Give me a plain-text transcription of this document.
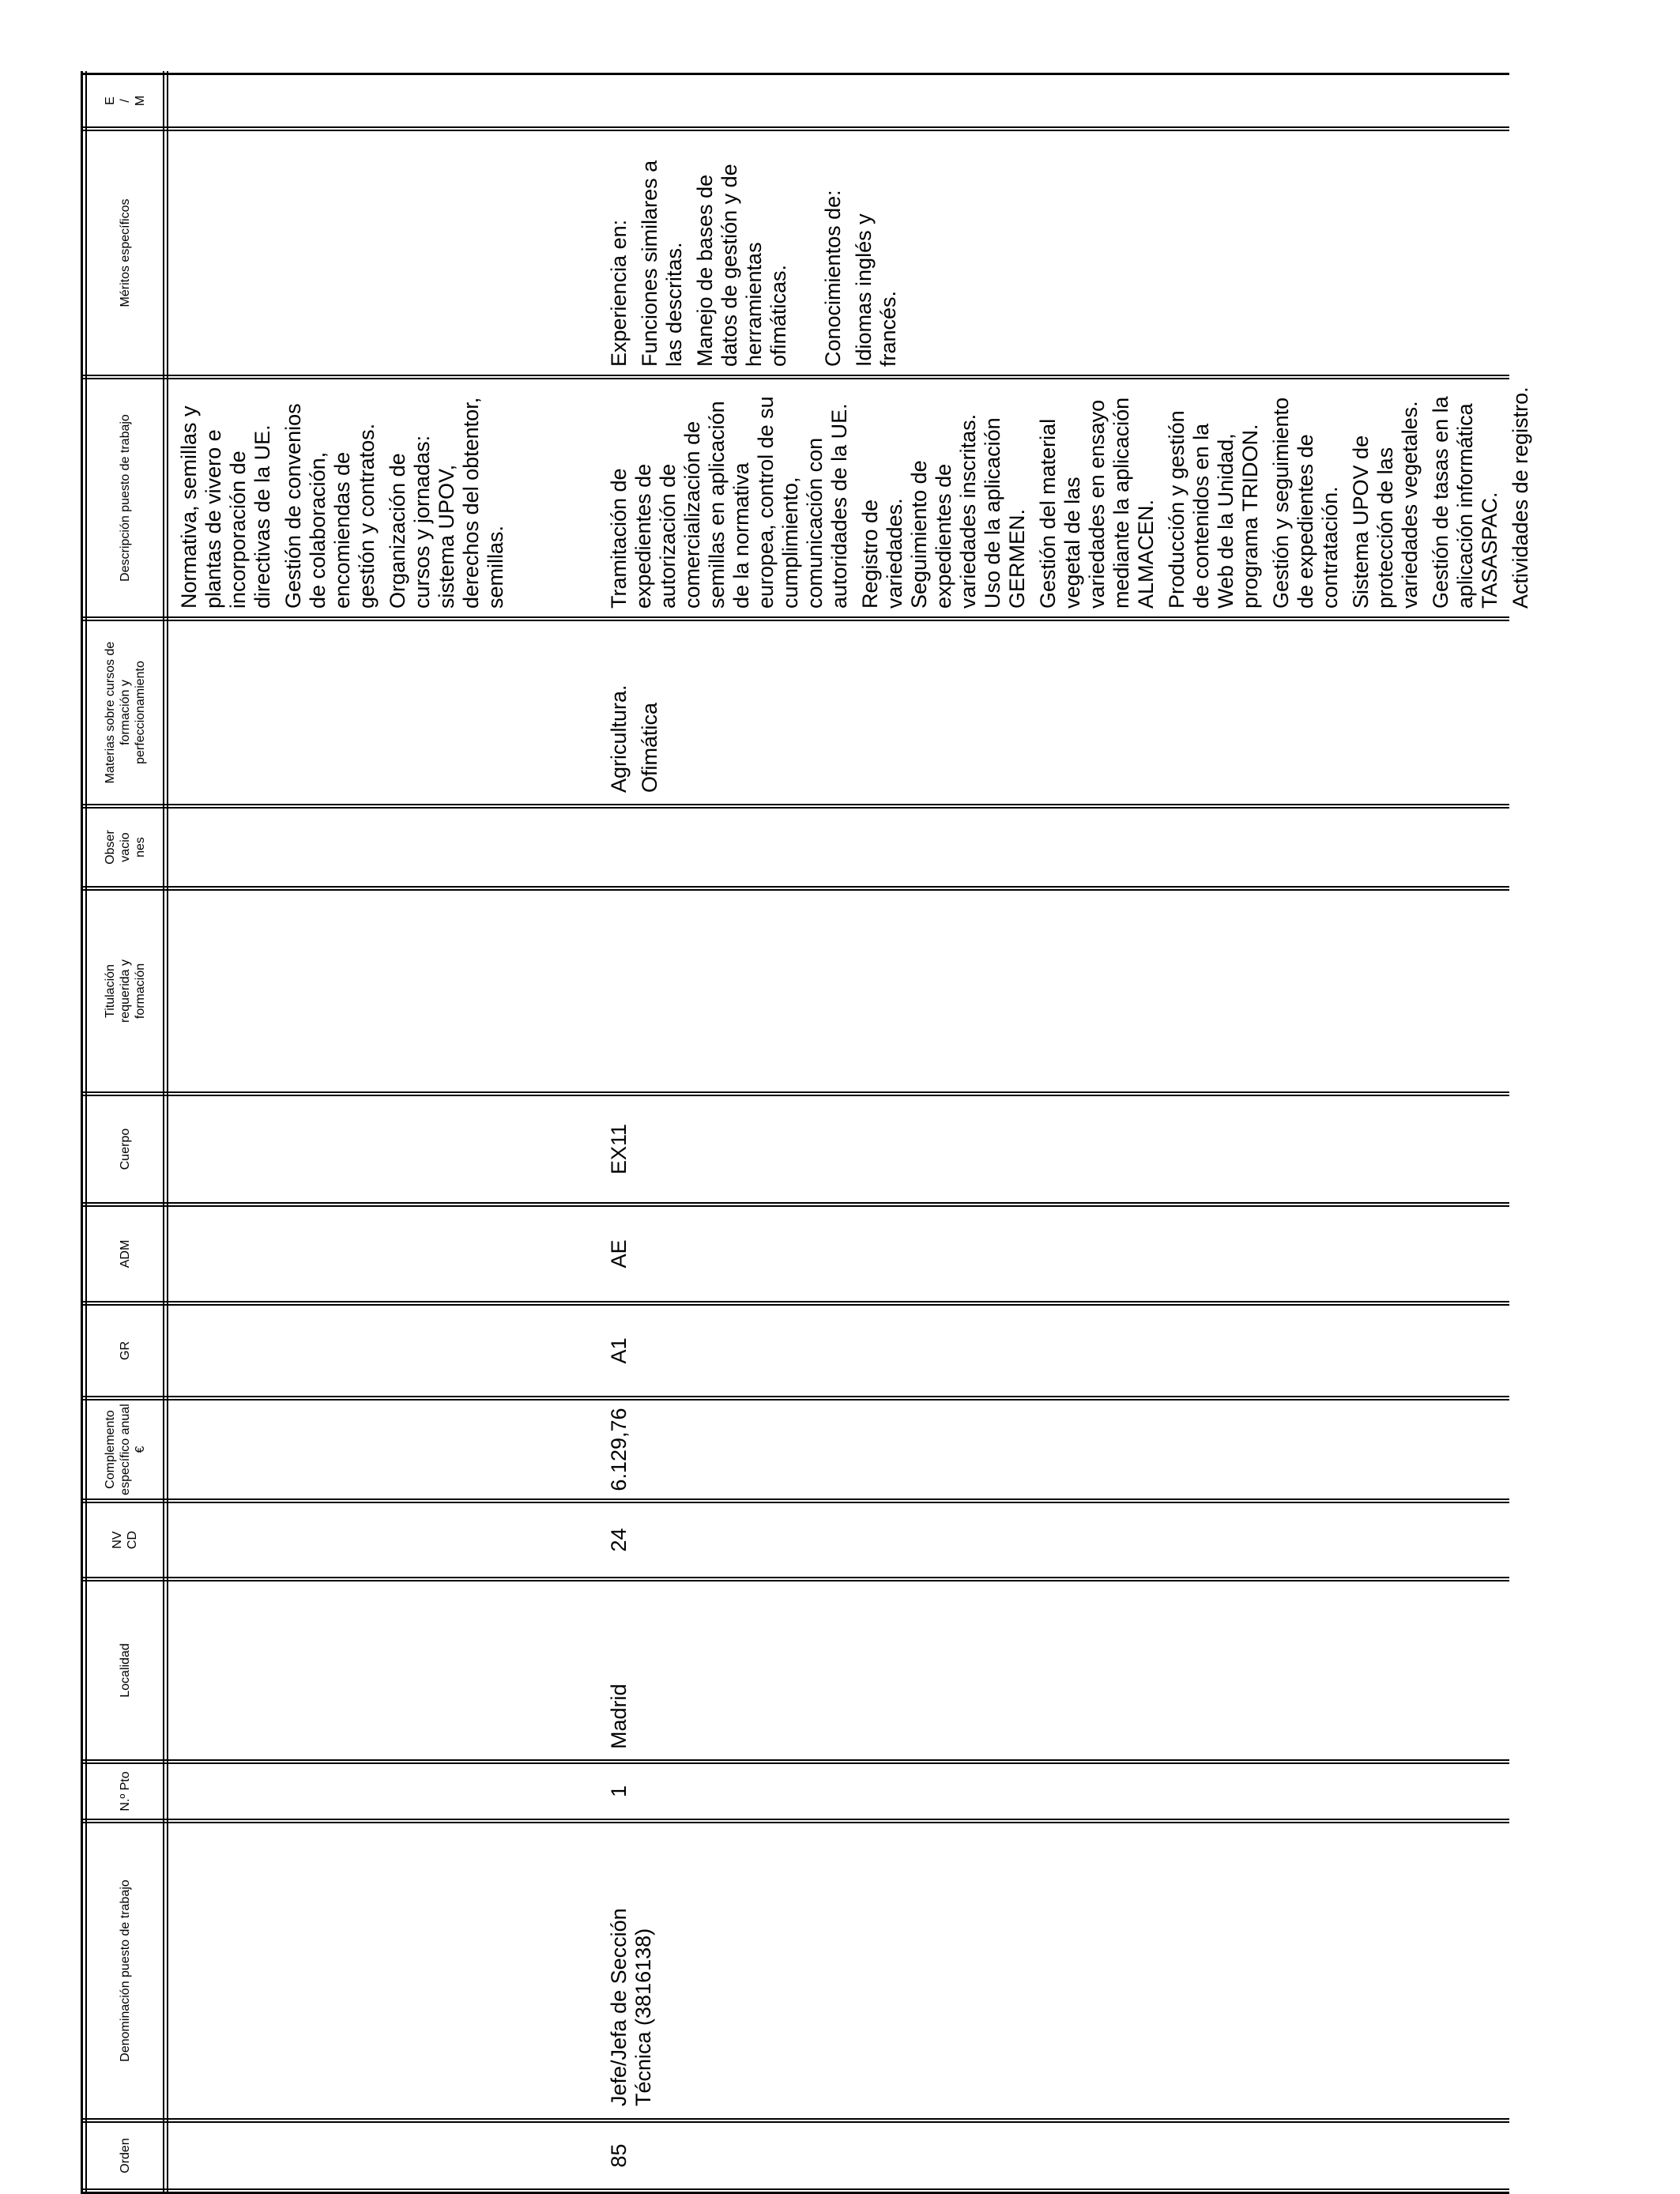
Orden
Denominación puesto de trabajo
N.º Pto
Localidad
NV CD
Complemento específico anual €
GR
ADM
Cuerpo
Titulación requerida y formación
Obser vacio nes
Materias sobre cursos de formación y perfeccionamiento
Descripción puesto de trabajo
Méritos específicos
E / M

Normativa, semillas y plantas de vivero e incorporación de directivas de la UE. Gestión de convenios de colaboración, encomiendas de gestión y contratos. Organización de cursos y jornadas: sistema UPOV, derechos del obtentor, semillas.

85
Jefe/Jefa de Sección Técnica (3816138)
1
Madrid
24
6.129,76
A1
AE
EX11

Agricultura. Ofimática

Tramitación de expedientes de autorización de comercialización de semillas en aplicación de la normativa europea, control de su cumplimiento, comunicación con autoridades de la UE. Registro de variedades. Seguimiento de expedientes de variedades inscritas. Uso de la aplicación GERMEN. Gestión del material vegetal de las variedades en ensayo mediante la aplicación ALMACEN. Producción y gestión de contenidos en la Web de la Unidad, programa TRIDON. Gestión y seguimiento de expedientes de contratación. Sistema UPOV de protección de las variedades vegetales. Gestión de tasas en la aplicación informática TASASPAC. Actividades de registro.

Experiencia en: Funciones similares a las descritas. Manejo de bases de datos de gestión y de herramientas ofimáticas. Conocimientos de: Idiomas inglés y francés.
